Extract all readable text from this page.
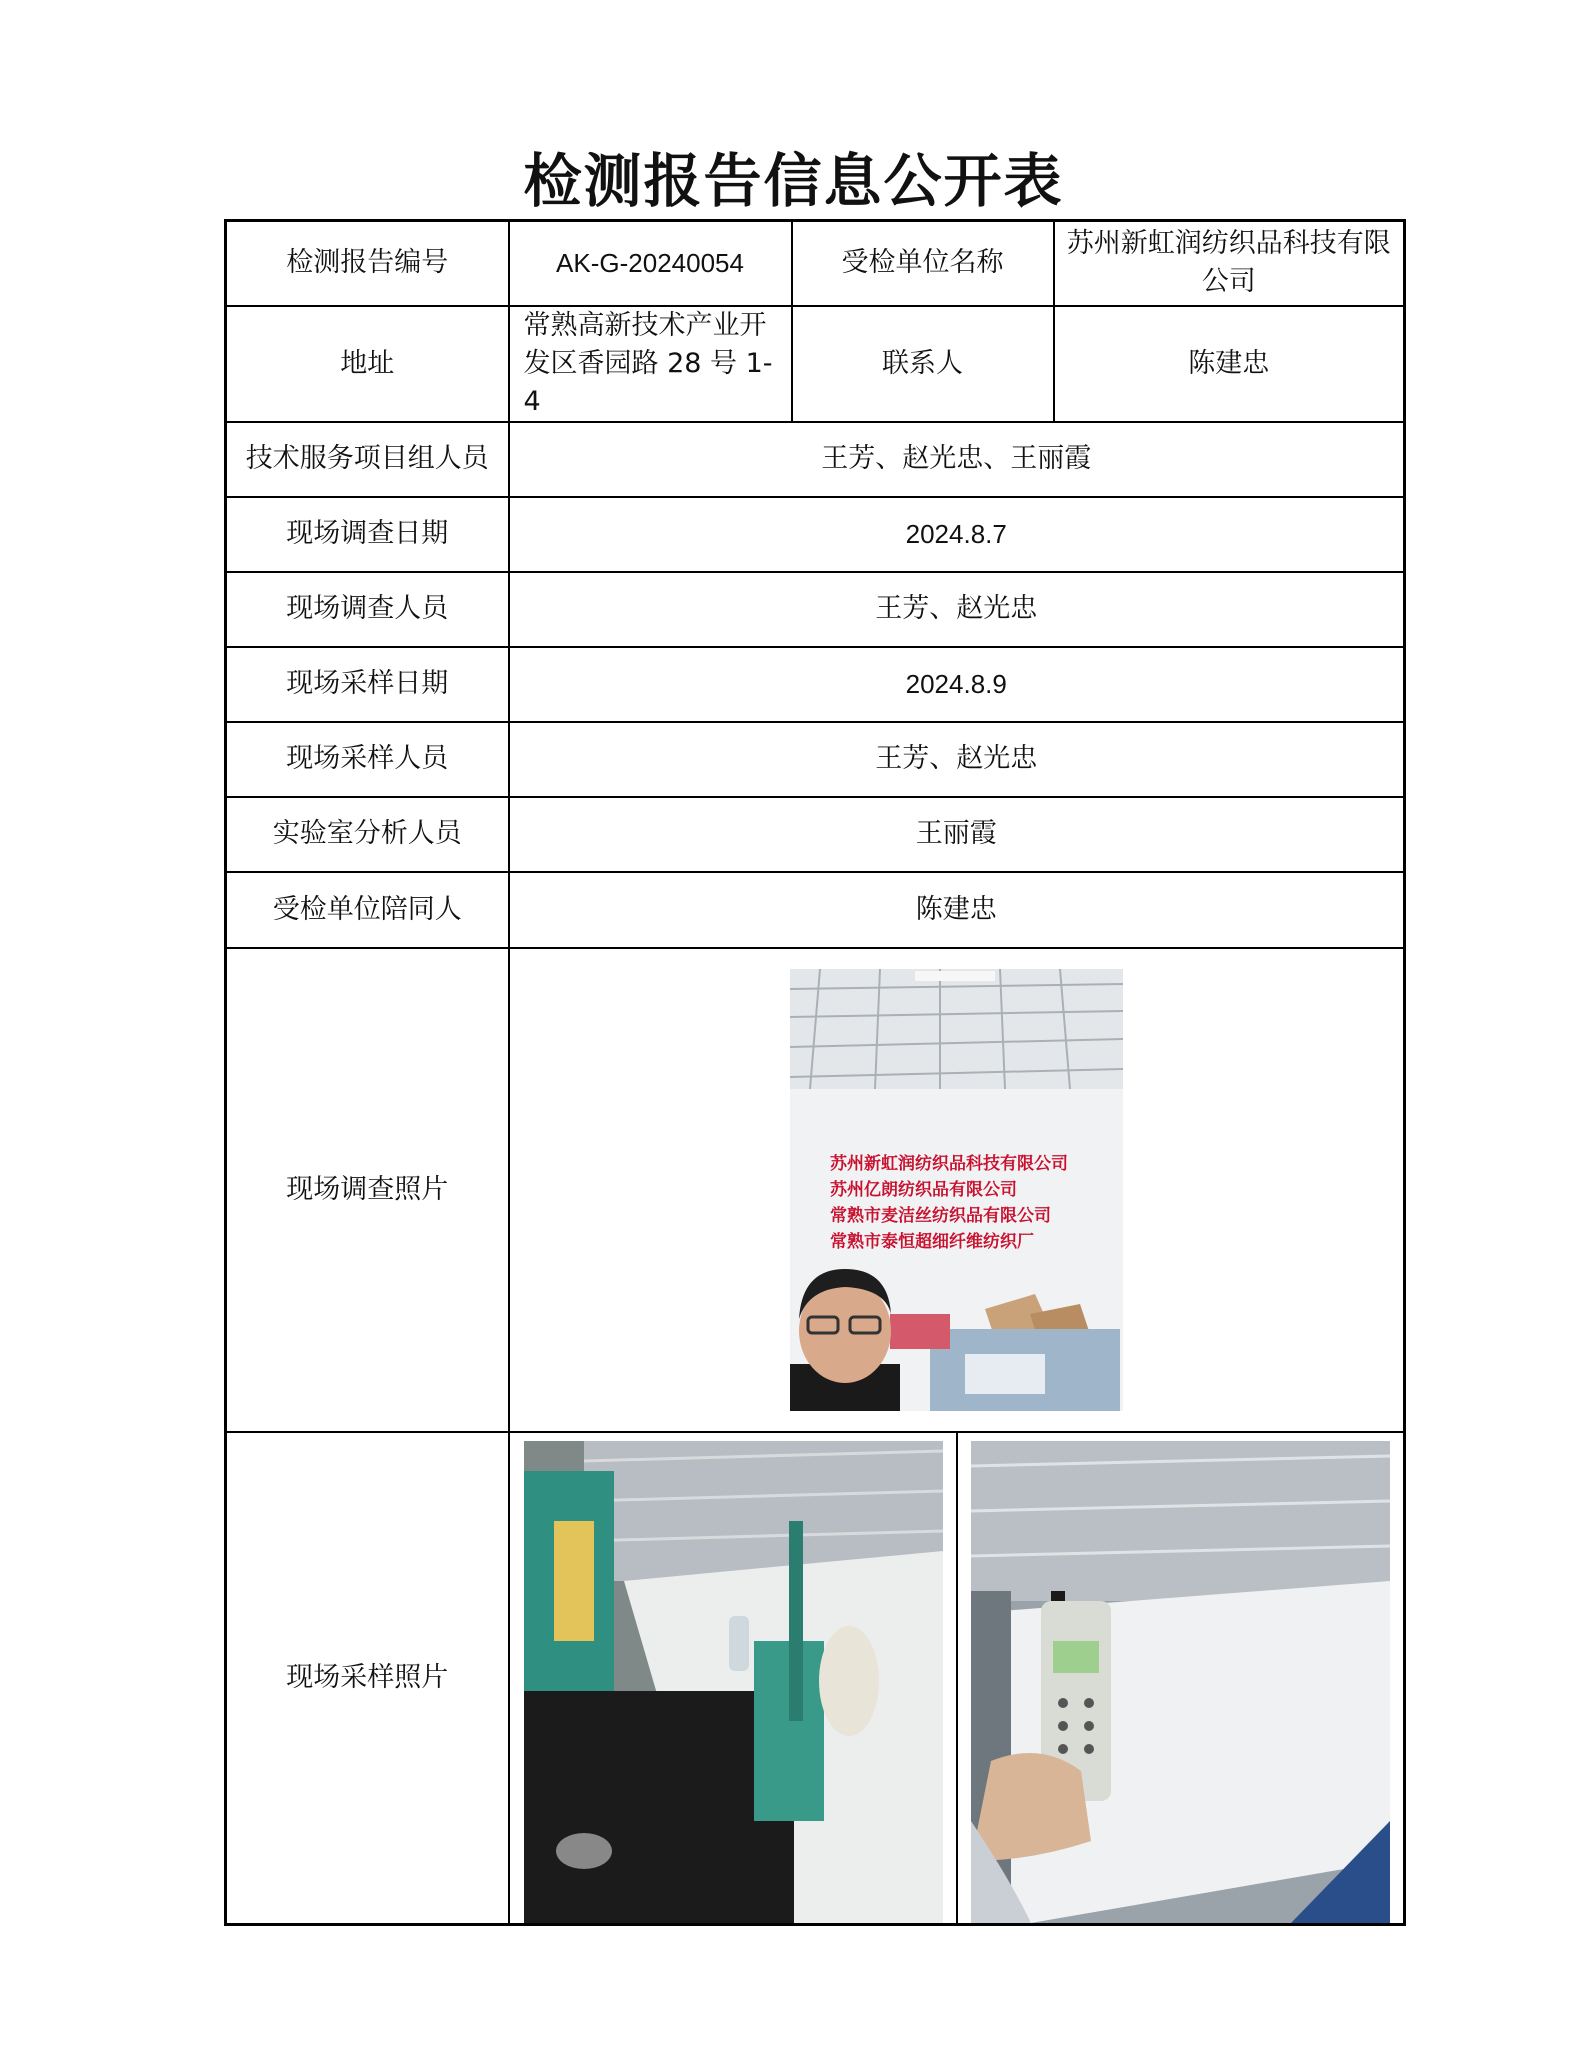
检测报告信息公开表
检测报告编号	AK-G-20240054	受检单位名称	苏州新虹润纺织品科技有限公司
地址	常熟高新技术产业开发区香园路 28 号 1-4	联系人	陈建忠
技术服务项目组人员	王芳、赵光忠、王丽霞		
现场调查日期	2024.8.7		
现场调查人员	王芳、赵光忠		
现场采样日期	2024.8.9		
现场采样人员	王芳、赵光忠		
实验室分析人员	王丽霞		
受检单位陪同人	陈建忠		
现场调查照片	苏州新虹润纺织品科技有限公司
苏州亿朗纺织品有限公司
常熟市麦洁丝纺织品有限公司
常熟市泰恒超细纤维纺织厂		

现场采样照片	
